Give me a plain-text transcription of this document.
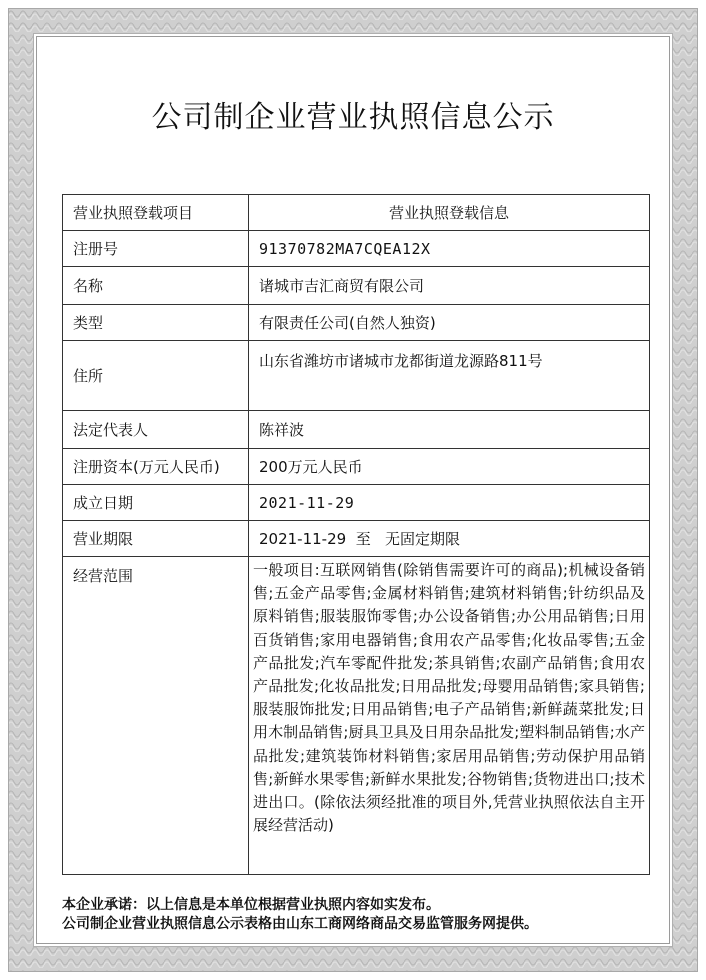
公司制企业营业执照信息公示
营业执照登载项目	营业执照登载信息
注册号	91370782MA7CQEA12X
名称	诸城市吉汇商贸有限公司
类型	有限责任公司(自然人独资)
住所	山东省潍坊市诸城市龙都街道龙源路811号
法定代表人	陈祥波
注册资本(万元人民币)	200万元人民币
成立日期	2021-11-29
营业期限	2021-11-29  至   无固定期限
经营范围	一般项目:互联网销售(除销售需要许可的商品);机械设备销售;五金产品零售;金属材料销售;建筑材料销售;针纺织品及原料销售;服装服饰零售;办公设备销售;办公用品销售;日用百货销售;家用电器销售;食用农产品零售;化妆品零售;五金产品批发;汽车零配件批发;茶具销售;农副产品销售;食用农产品批发;化妆品批发;日用品批发;母婴用品销售;家具销售;服装服饰批发;日用品销售;电子产品销售;新鲜蔬菜批发;日用木制品销售;厨具卫具及日用杂品批发;塑料制品销售;水产品批发;建筑装饰材料销售;家居用品销售;劳动保护用品销售;新鲜水果零售;新鲜水果批发;谷物销售;货物进出口;技术进出口。(除依法须经批准的项目外,凭营业执照依法自主开展经营活动)
本企业承诺：以上信息是本单位根据营业执照内容如实发布。
公司制企业营业执照信息公示表格由山东工商网络商品交易监管服务网提供。
